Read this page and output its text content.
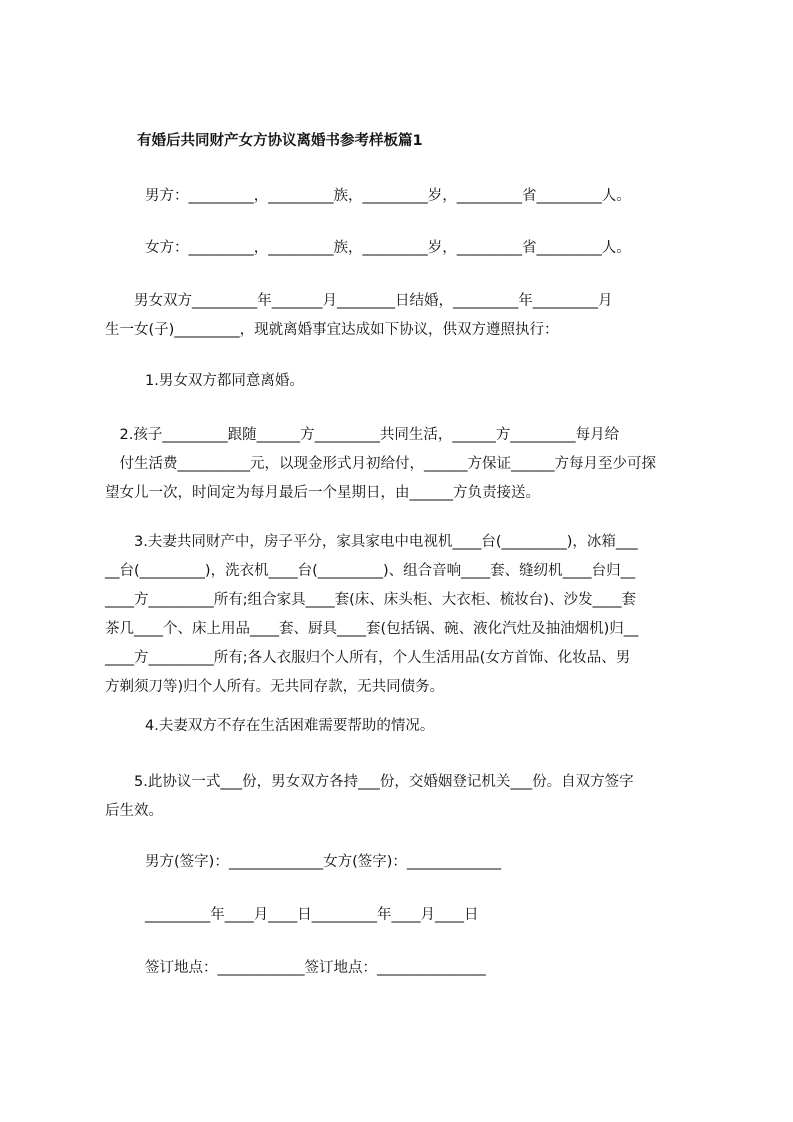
有婚后共同财产女方协议离婚书参考样板篇1
男方：_________，_________族，_________岁，_________省_________人。
女方：_________，_________族，_________岁，_________省_________人。
　　男女双方_________年_______月________日结婚，_________年_________月
生一女(子)_________，现就离婚事宜达成如下协议，供双方遵照执行：
1.男女双方都同意离婚。
　2.孩子_________跟随______方_________共同生活，______方_________每月给
　付生活费__________元，以现金形式月初给付，______方保证______方每月至少可探
望女儿一次，时间定为每月最后一个星期日，由______方负责接送。
　　3.夫妻共同财产中，房子平分，家具家电中电视机____台(_________)，冰箱___
__台(_________)，洗衣机____台(_________)、组合音响____套、缝纫机____台归__
____方_________所有;组合家具____套(床、床头柜、大衣柜、梳妆台)、沙发____套
茶几____个、床上用品____套、厨具____套(包括锅、碗、液化汽灶及抽油烟机)归__
____方_________所有;各人衣服归个人所有，个人生活用品(女方首饰、化妆品、男
方剃须刀等)归个人所有。无共同存款，无共同债务。
4.夫妻双方不存在生活困难需要帮助的情况。
　　5.此协议一式___份，男女双方各持___份，交婚姻登记机关___份。自双方签字
后生效。
男方(签字)：_____________女方(签字)：_____________
_________年____月____日_________年____月____日
签订地点：____________签订地点：_______________
